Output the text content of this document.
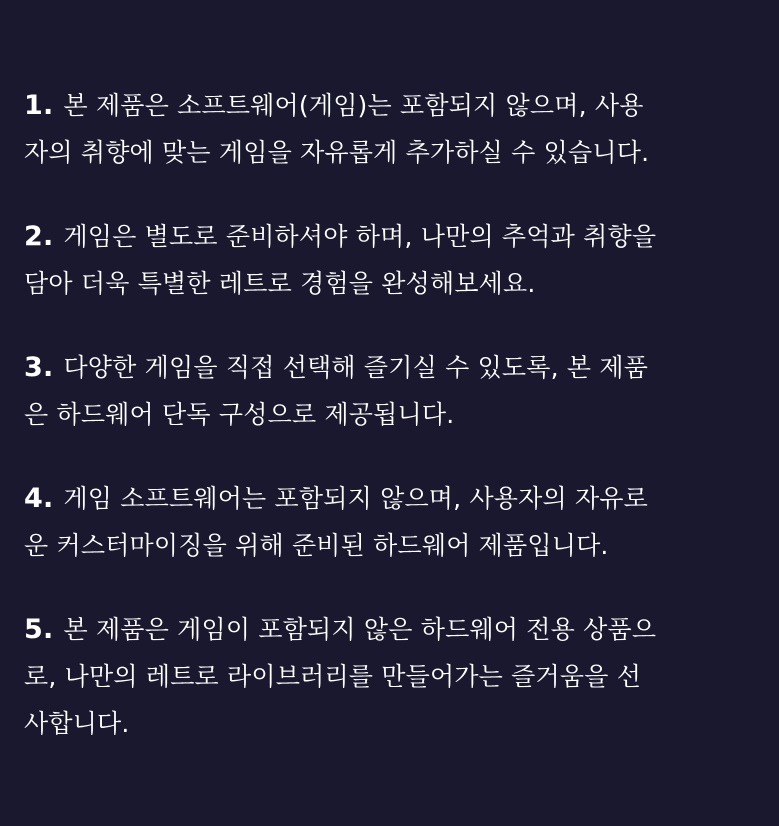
1. 본 제품은 소프트웨어(게임)는 포함되지 않으며, 사용
자의 취향에 맞는 게임을 자유롭게 추가하실 수 있습니다.
2. 게임은 별도로 준비하셔야 하며, 나만의 추억과 취향을
담아 더욱 특별한 레트로 경험을 완성해보세요.
3. 다양한 게임을 직접 선택해 즐기실 수 있도록, 본 제품
은 하드웨어 단독 구성으로 제공됩니다.
4. 게임 소프트웨어는 포함되지 않으며, 사용자의 자유로
운 커스터마이징을 위해 준비된 하드웨어 제품입니다.
5. 본 제품은 게임이 포함되지 않은 하드웨어 전용 상품으
로, 나만의 레트로 라이브러리를 만들어가는 즐거움을 선
사합니다.
